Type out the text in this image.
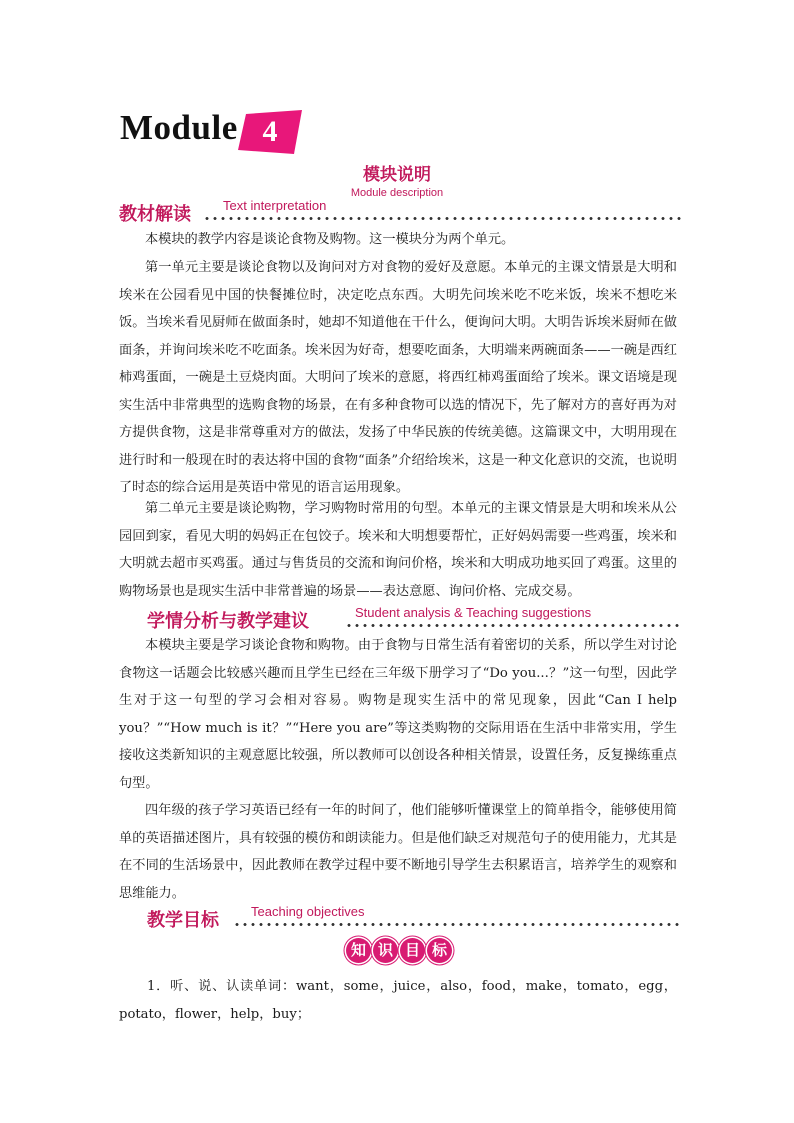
Module 4
模块说明
Module description
教材解读 Text interpretation

本模块的教学内容是谈论食物及购物。这一模块分为两个单元。

第一单元主要是谈论食物以及询问对方对食物的爱好及意愿。本单元的主课文情景是大明和埃米在公园看见中国的快餐摊位时，决定吃点东西。大明先问埃米吃不吃米饭，埃米不想吃米饭。当埃米看见厨师在做面条时，她却不知道他在干什么，便询问大明。大明告诉埃米厨师在做面条，并询问埃米吃不吃面条。埃米因为好奇，想要吃面条，大明端来两碗面条——一碗是西红柿鸡蛋面，一碗是土豆烧肉面。大明问了埃米的意愿，将西红柿鸡蛋面给了埃米。课文语境是现实生活中非常典型的选购食物的场景，在有多种食物可以选的情况下，先了解对方的喜好再为对方提供食物，这是非常尊重对方的做法，发扬了中华民族的传统美德。这篇课文中，大明用现在进行时和一般现在时的表达将中国的食物“面条”介绍给埃米，这是一种文化意识的交流，也说明了时态的综合运用是英语中常见的语言运用现象。

第二单元主要是谈论购物，学习购物时常用的句型。本单元的主课文情景是大明和埃米从公园回到家，看见大明的妈妈正在包饺子。埃米和大明想要帮忙，正好妈妈需要一些鸡蛋，埃米和大明就去超市买鸡蛋。通过与售货员的交流和询问价格，埃米和大明成功地买回了鸡蛋。这里的购物场景也是现实生活中非常普遍的场景——表达意愿、询问价格、完成交易。

学情分析与教学建议	Student analysis & Teaching suggestions

本模块主要是学习谈论食物和购物。由于食物与日常生活有着密切的关系，所以学生对讨论食物这一话题会比较感兴趣而且学生已经在三年级下册学习了“Do you...？”这一句型，因此学生对于这一句型的学习会相对容易。购物是现实生活中的常见现象，因此“Can I help you？”“How much is it？”“Here you are”等这类购物的交际用语在生活中非常实用，学生接收这类新知识的主观意愿比较强，所以教师可以创设各种相关情景，设置任务，反复操练重点句型。

四年级的孩子学习英语已经有一年的时间了，他们能够听懂课堂上的简单指令，能够使用简单的英语描述图片，具有较强的模仿和朗读能力。但是他们缺乏对规范句子的使用能力，尤其是在不同的生活场景中，因此教师在教学过程中要不断地引导学生去积累语言，培养学生的观察和思维能力。

教学目标 Teaching objectives
知 识 目 标

1．听、说、认读单词：want，some，juice，also，food，make，tomato，egg，potato，flower，help，buy；
